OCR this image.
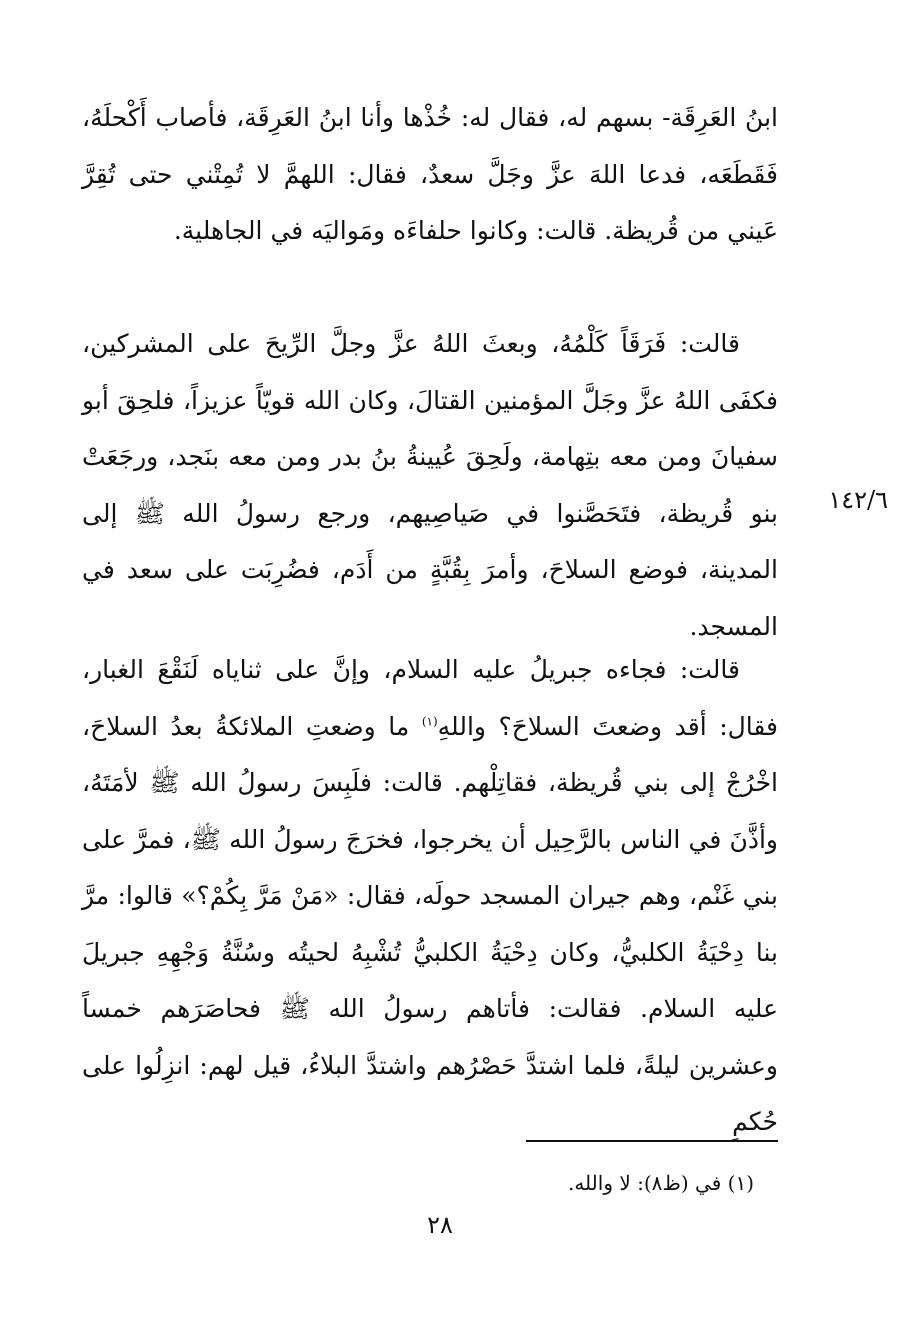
ابنُ العَرِقَة- بسهم له، فقال له: خُذْها وأنا ابنُ العَرِقَة، فأصاب أَكْحلَهُ، فَقَطَعَه، فدعا اللهَ عزَّ وجَلَّ سعدٌ، فقال: اللهمَّ لا تُمِتْني حتى تُقِرَّ عَيني من قُريظة. قالت: وكانوا حلفاءَه ومَواليَه في الجاهلية.

قالت: فَرَقَاً كَلْمُهُ، وبعثَ اللهُ عزَّ وجلَّ الرِّيحَ على المشركين، فكفَى اللهُ عزَّ وجَلَّ المؤمنين القتالَ، وكان الله قويّاً عزيزاً، فلحِقَ أبو سفيانَ ومن معه بتِهامة، ولَحِقَ عُيينةُ بنُ بدر ومن معه بنَجد، ورجَعَتْ بنو قُريظة، فتَحَصَّنوا في صَياصِيهم، ورجع رسولُ الله ﷺ إلى المدينة، فوضع السلاحَ، وأمرَ بِقُبَّةٍ من أَدَم، فضُرِبَت على سعد في المسجد.

قالت: فجاءه جبريلُ عليه السلام، وإنَّ على ثناياه لَنَقْعَ الغبار، فقال: أقد وضعتَ السلاحَ؟ واللهِ$^{(١)}$ ما وضعتِ الملائكةُ بعدُ السلاحَ، اخْرُجْ إلى بني قُريظة، فقاتِلْهم. قالت: فلَبِسَ رسولُ الله ﷺ لأمَتَهُ، وأذَّنَ في الناس بالرَّحِيل أن يخرجوا، فخرَجَ رسولُ الله ﷺ، فمرَّ على بني غَنْم، وهم جيران المسجد حولَه، فقال: «مَنْ مَرَّ بِكُمْ؟» قالوا: مرَّ بنا دِحْيَةُ الكلبيُّ، وكان دِحْيَةُ الكلبيُّ تُشْبِهُ لحيتُه وسُنَّةُ وَجْهِهِ جبريلَ عليه السلام. فقالت: فأتاهم رسولُ الله ﷺ فحاصَرَهم خمساً وعشرين ليلةً، فلما اشتدَّ حَصْرُهم واشتدَّ البلاءُ، قيل لهم: انزِلُوا على حُكمِ

١٤٢/٦

(١) في (ظ٨): لا والله.

٢٨
